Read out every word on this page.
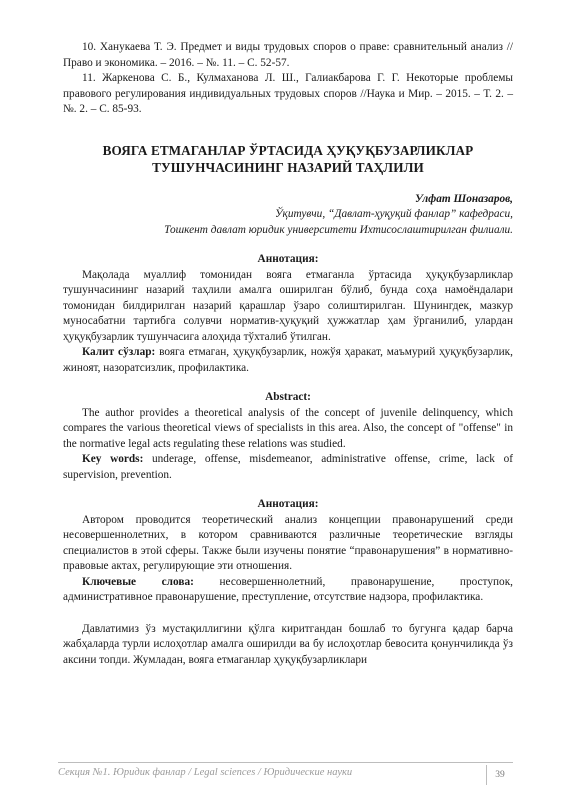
10. Ханукаева Т. Э. Предмет и виды трудовых споров о праве: сравнительный анализ //Право и экономика. – 2016. – №. 11. – С. 52-57.

11. Жаркенова С. Б., Кулмаханова Л. Ш., Галиакбарова Г. Г. Некоторые проблемы правового регулирования индивидуальных трудовых споров //Наука и Мир. – 2015. – Т. 2. – №. 2. – С. 85-93.

ВОЯГА ЕТМАГАНЛАР ЎРТАСИДА ҲУҚУҚБУЗАРЛИКЛАР
ТУШУНЧАСИНИНГ НАЗАРИЙ ТАҲЛИЛИ
Улфат Шоназаров,
Ўқитувчи, “Давлат-ҳуқуқий фанлар” кафедраси,
Тошкент давлат юридик университети Ихтисослаштирилган филиали.
Аннотация:

Мақолада муаллиф томонидан вояга етмаганла ўртасида ҳуқуқбузарликлар тушунчасининг назарий таҳлили амалга оширилган бўлиб, бунда соҳа намоёндалари томонидан билдирилган назарий қарашлар ўзаро солиштирилган. Шунингдек, мазкур муносабатни тартибга солувчи норматив-ҳуқуқий ҳужжатлар ҳам ўрганилиб, улардан ҳуқуқбузарлик тушунчасига алоҳида тўхталиб ўтилган.

Калит сўзлар: вояга етмаган, ҳуқуқбузарлик, ножўя ҳаракат, маъмурий ҳуқуқбузарлик, жиноят, назоратсизлик, профилактика.

Abstract:

The author provides a theoretical analysis of the concept of juvenile delinquency, which compares the various theoretical views of specialists in this area. Also, the concept of "offense" in the normative legal acts regulating these relations was studied.

Key words: underage, offense, misdemeanor, administrative offense, crime, lack of supervision, prevention.

Аннотация:

Автором проводится теоретический анализ концепции правонарушений среди несовершеннолетних, в котором сравниваются различные теоретические взгляды специалистов в этой сферы. Также были изучены понятие “правонарушения” в нормативно-правовые актах, регулирующие эти отношения.

Ключевые слова: несовершеннолетний, правонарушение, проступок, административное правонарушение, преступление, отсутствие надзора, профилактика.

Давлатимиз ўз мустақиллигини қўлга киритгандан бошлаб то бугунга қадар барча жабҳаларда турли ислоҳотлар амалга оширилди ва бу ислоҳотлар бевосита қонунчиликда ўз аксини топди. Жумладан, вояга етмаганлар ҳуқуқбузарликлари

Секция №1. Юридик фанлар / Legal sciences / Юридические науки	39
